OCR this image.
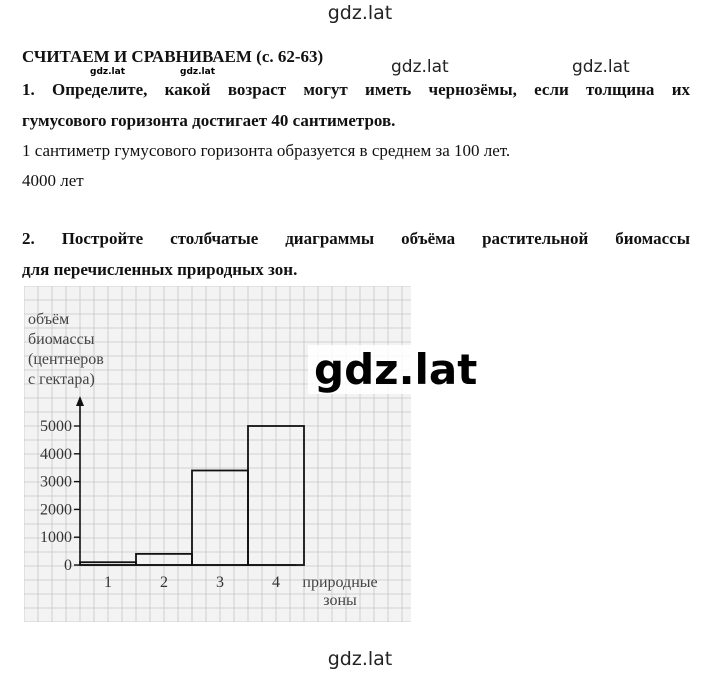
gdz.lat
gdz.lat	gdz.lat
gdz.lat	gdz.lat
СЧИТАЕМ И СРАВНИВАЕМ (с. 62-63)
1. Определите, какой возраст могут иметь чернозёмы, если толщина их
гумусового горизонта достигает 40 сантиметров.
1 сантиметр гумусового горизонта образуется в среднем за 100 лет.
4000 лет
2. Постройте столбчатые диаграммы объёма растительной биомассы
для перечисленных природных зон.
0
1000
2000
3000
4000
5000
1	2	3	4
объём
биомассы
(центнеров
с гектара)
природные
зоны
gdz.lat
gdz.lat
